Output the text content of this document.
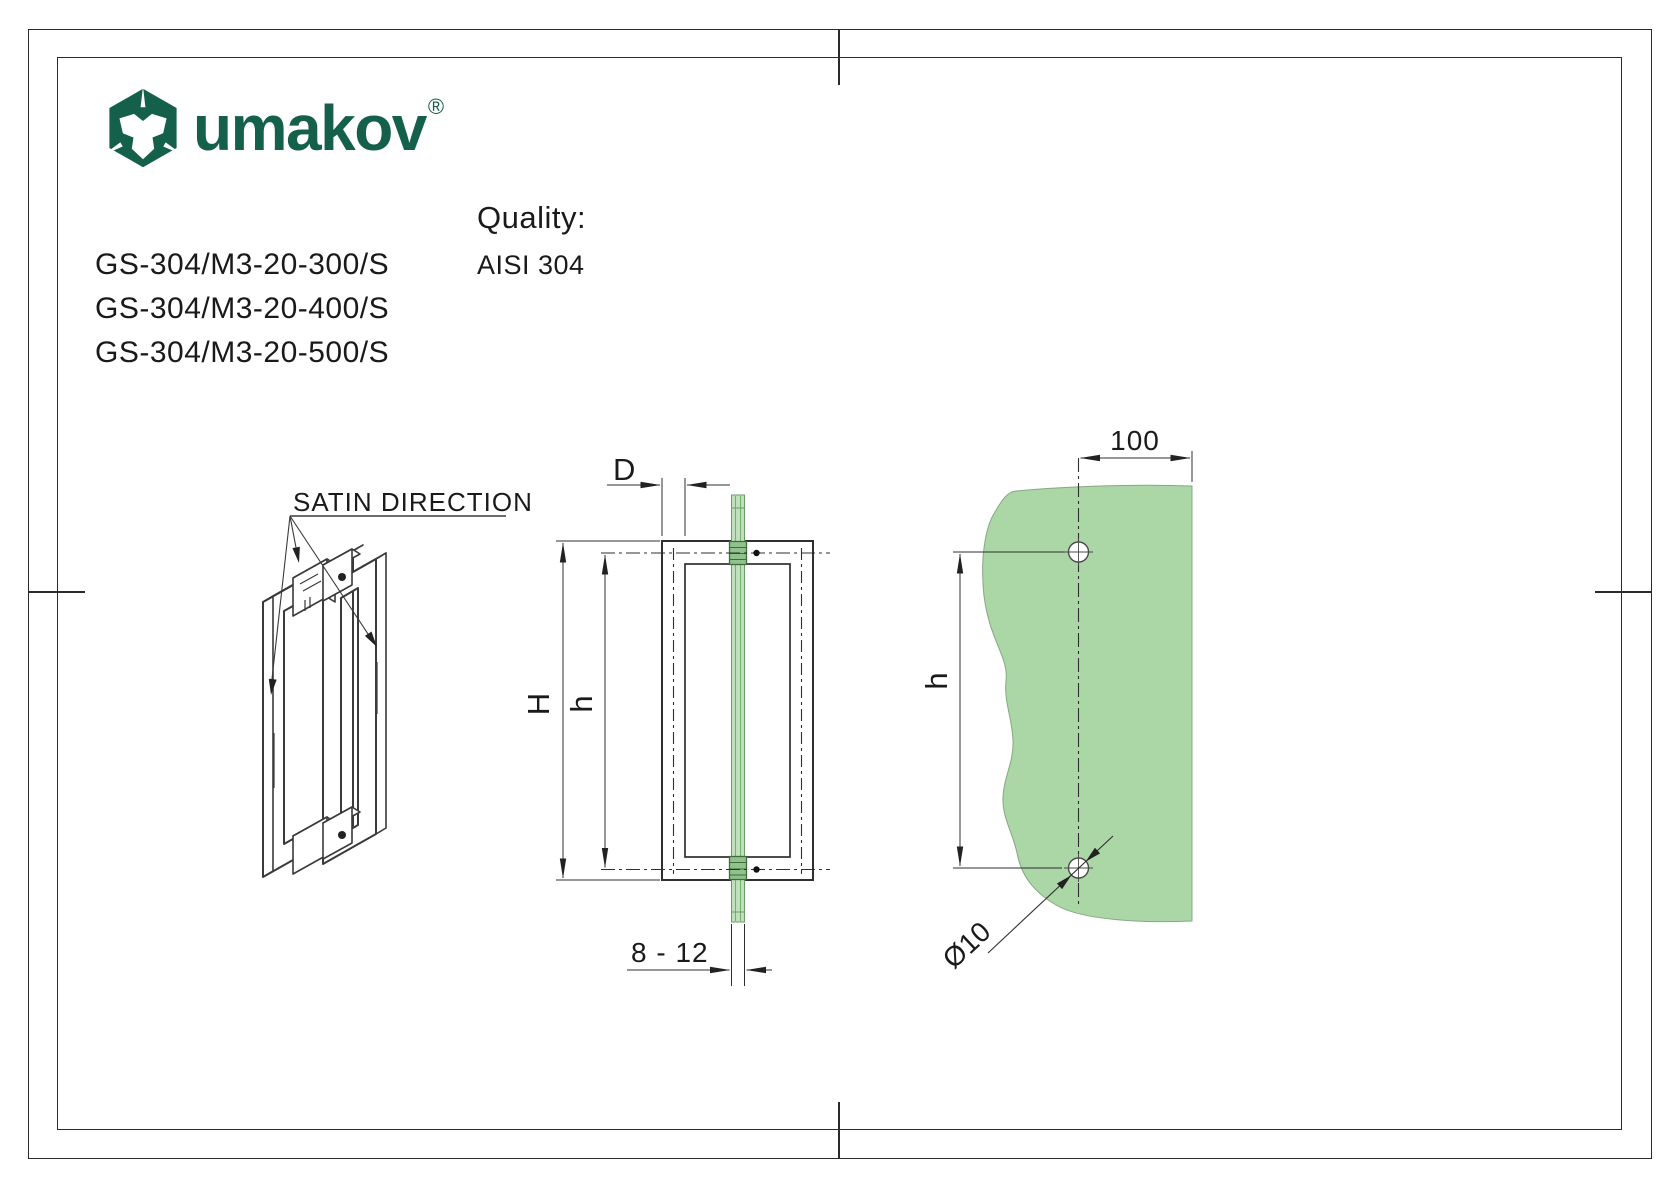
umakov ®
GS-304/M3-20-300/S
GS-304/M3-20-400/S
GS-304/M3-20-500/S
Quality:
AISI 304
SATIN DIRECTION
H h
D
8 - 12
100
h
Ø10
